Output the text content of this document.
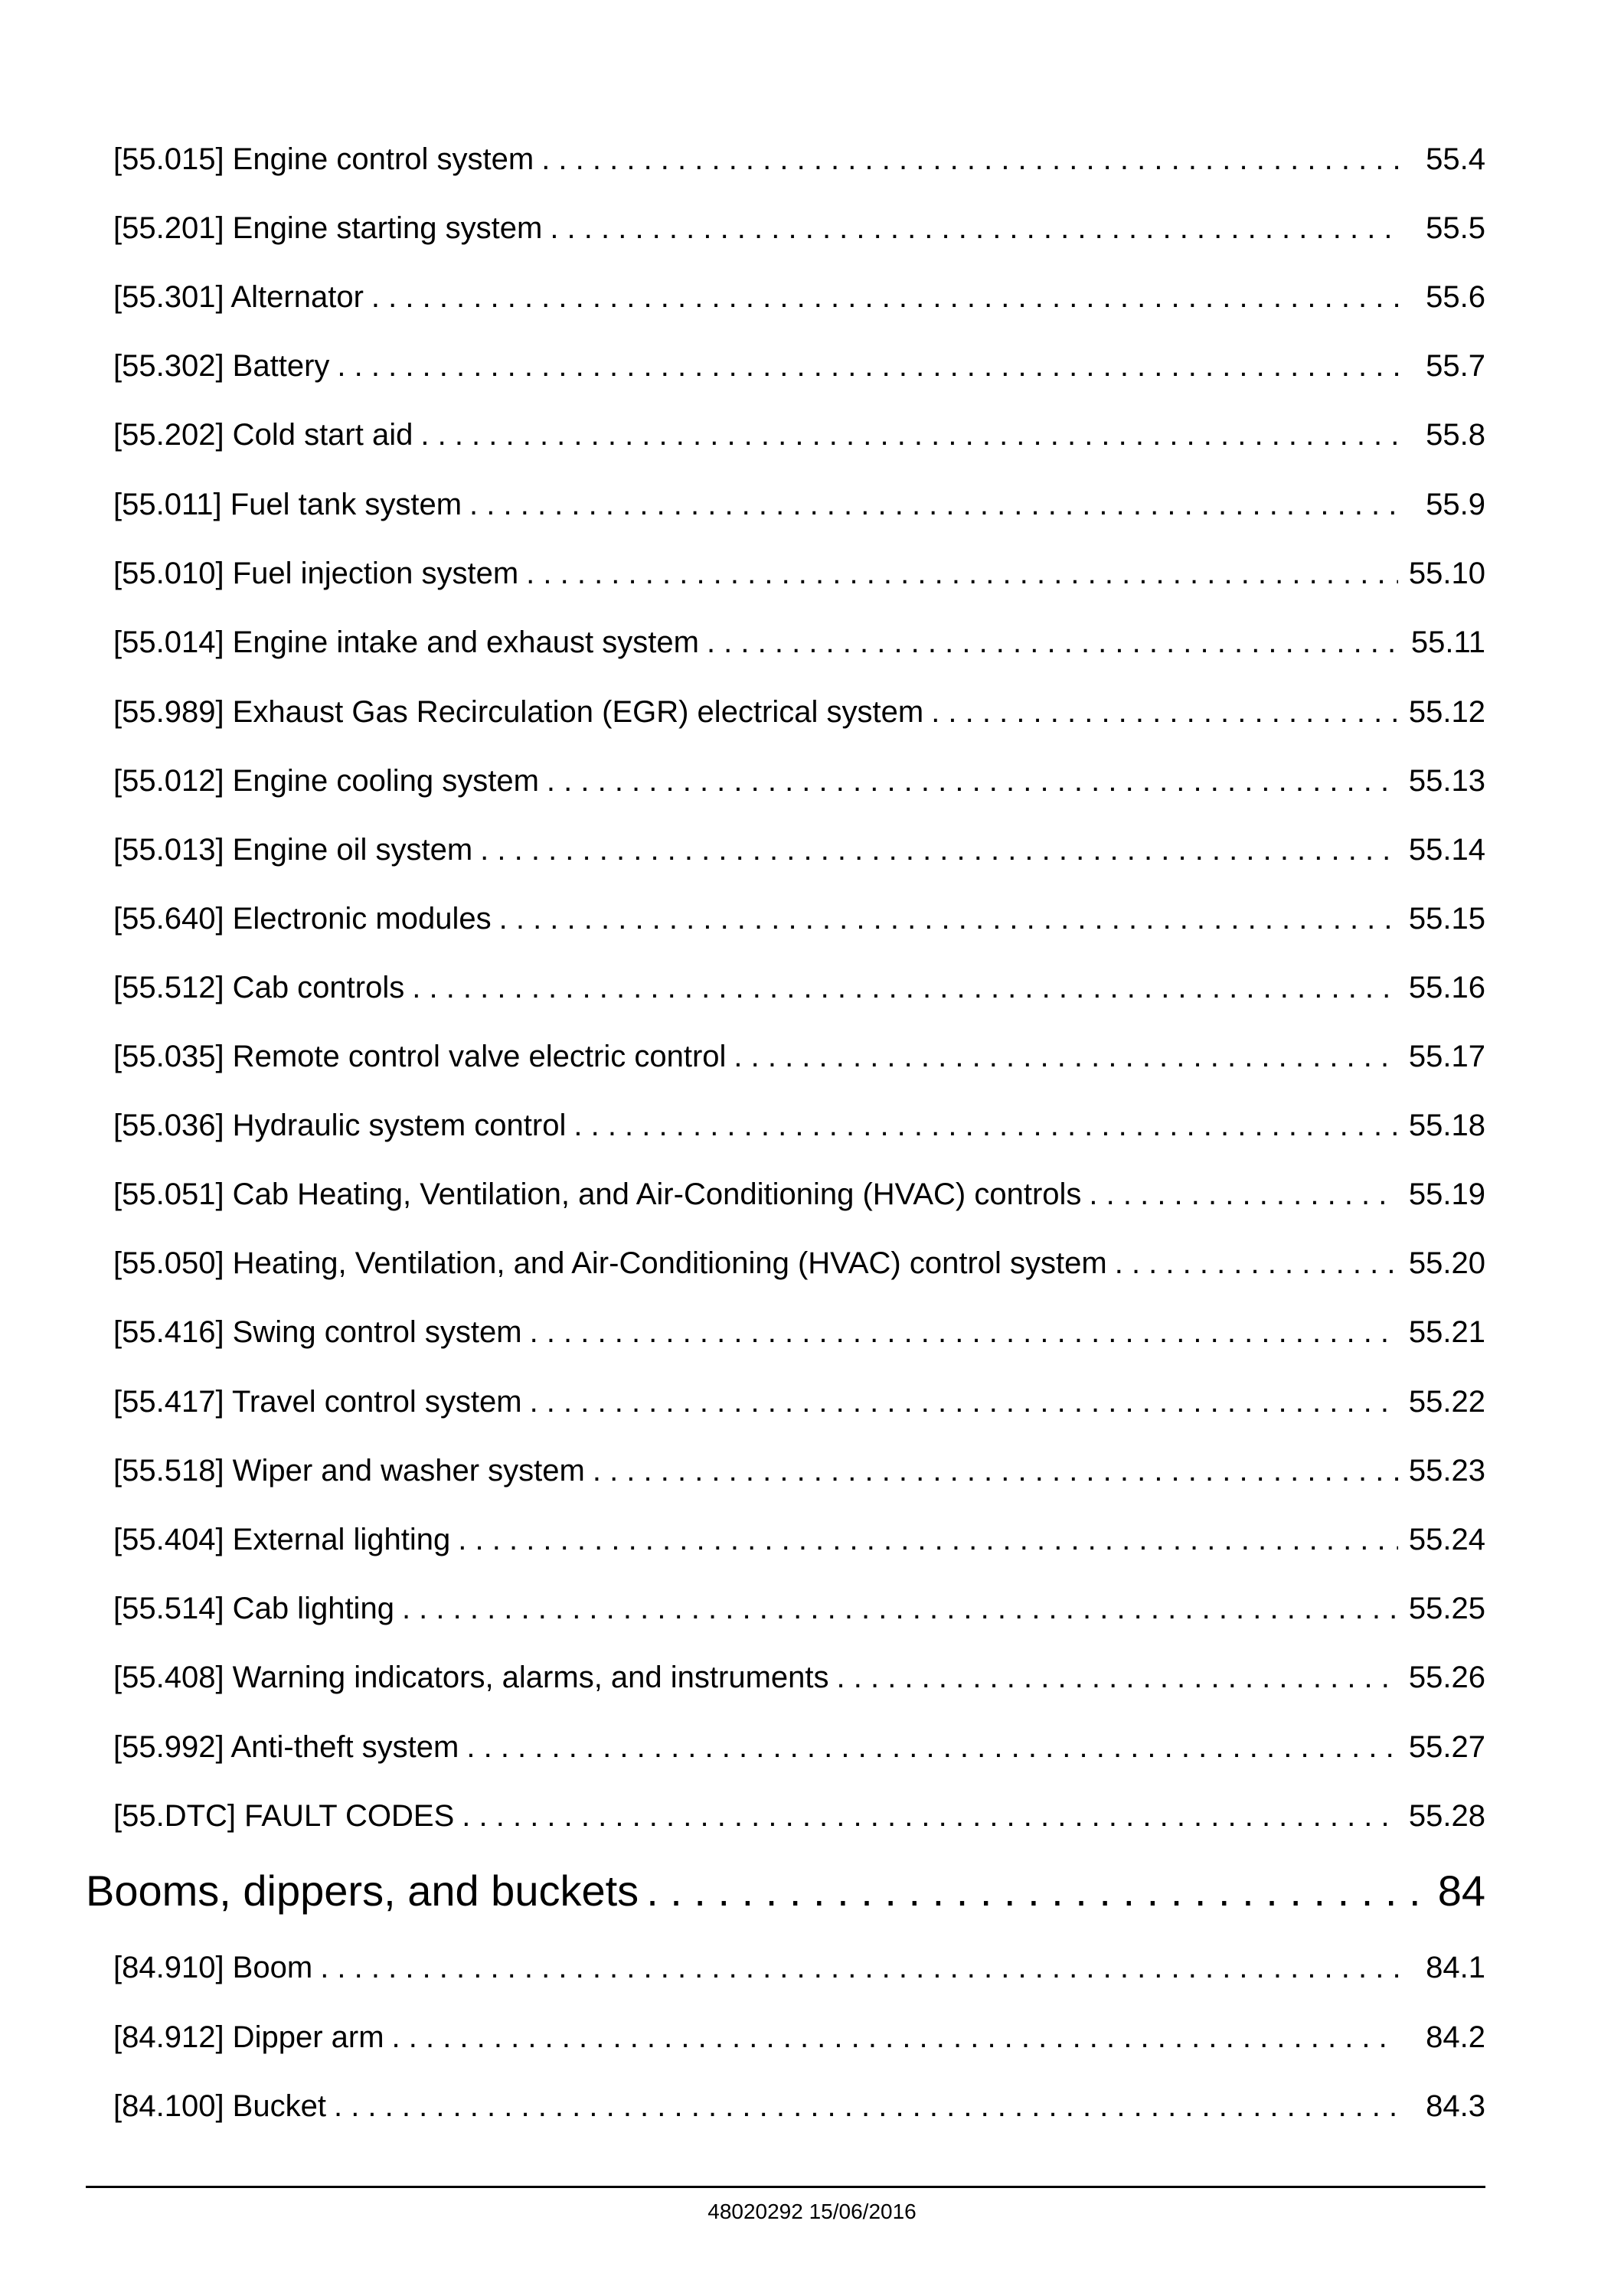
[55.015] Engine control system . . .	55.4
[55.201] Engine starting system . . .	55.5
[55.301] Alternator . . .	55.6
[55.302] Battery . . .	55.7
[55.202] Cold start aid . . .	55.8
[55.011] Fuel tank system . . .	55.9
[55.010] Fuel injection system . . .	55.10
[55.014] Engine intake and exhaust system . . .	55.11
[55.989] Exhaust Gas Recirculation (EGR) electrical system . . .	55.12
[55.012] Engine cooling system . . .	55.13
[55.013] Engine oil system . . .	55.14
[55.640] Electronic modules . . .	55.15
[55.512] Cab controls . . .	55.16
[55.035] Remote control valve electric control . . .	55.17
[55.036] Hydraulic system control . . .	55.18
[55.051] Cab Heating, Ventilation, and Air-Conditioning (HVAC) controls . . .	55.19
[55.050] Heating, Ventilation, and Air-Conditioning (HVAC) control system . . .	55.20
[55.416] Swing control system . . .	55.21
[55.417] Travel control system . . .	55.22
[55.518] Wiper and washer system . . .	55.23
[55.404] External lighting . . .	55.24
[55.514] Cab lighting . . .	55.25
[55.408] Warning indicators, alarms, and instruments . . .	55.26
[55.992] Anti-theft system . . .	55.27
[55.DTC] FAULT CODES . . .	55.28
Booms, dippers, and buckets . . .	84
[84.910] Boom . . .	84.1
[84.912] Dipper arm . . .	84.2
[84.100] Bucket . . .	84.3
48020292 15/06/2016
